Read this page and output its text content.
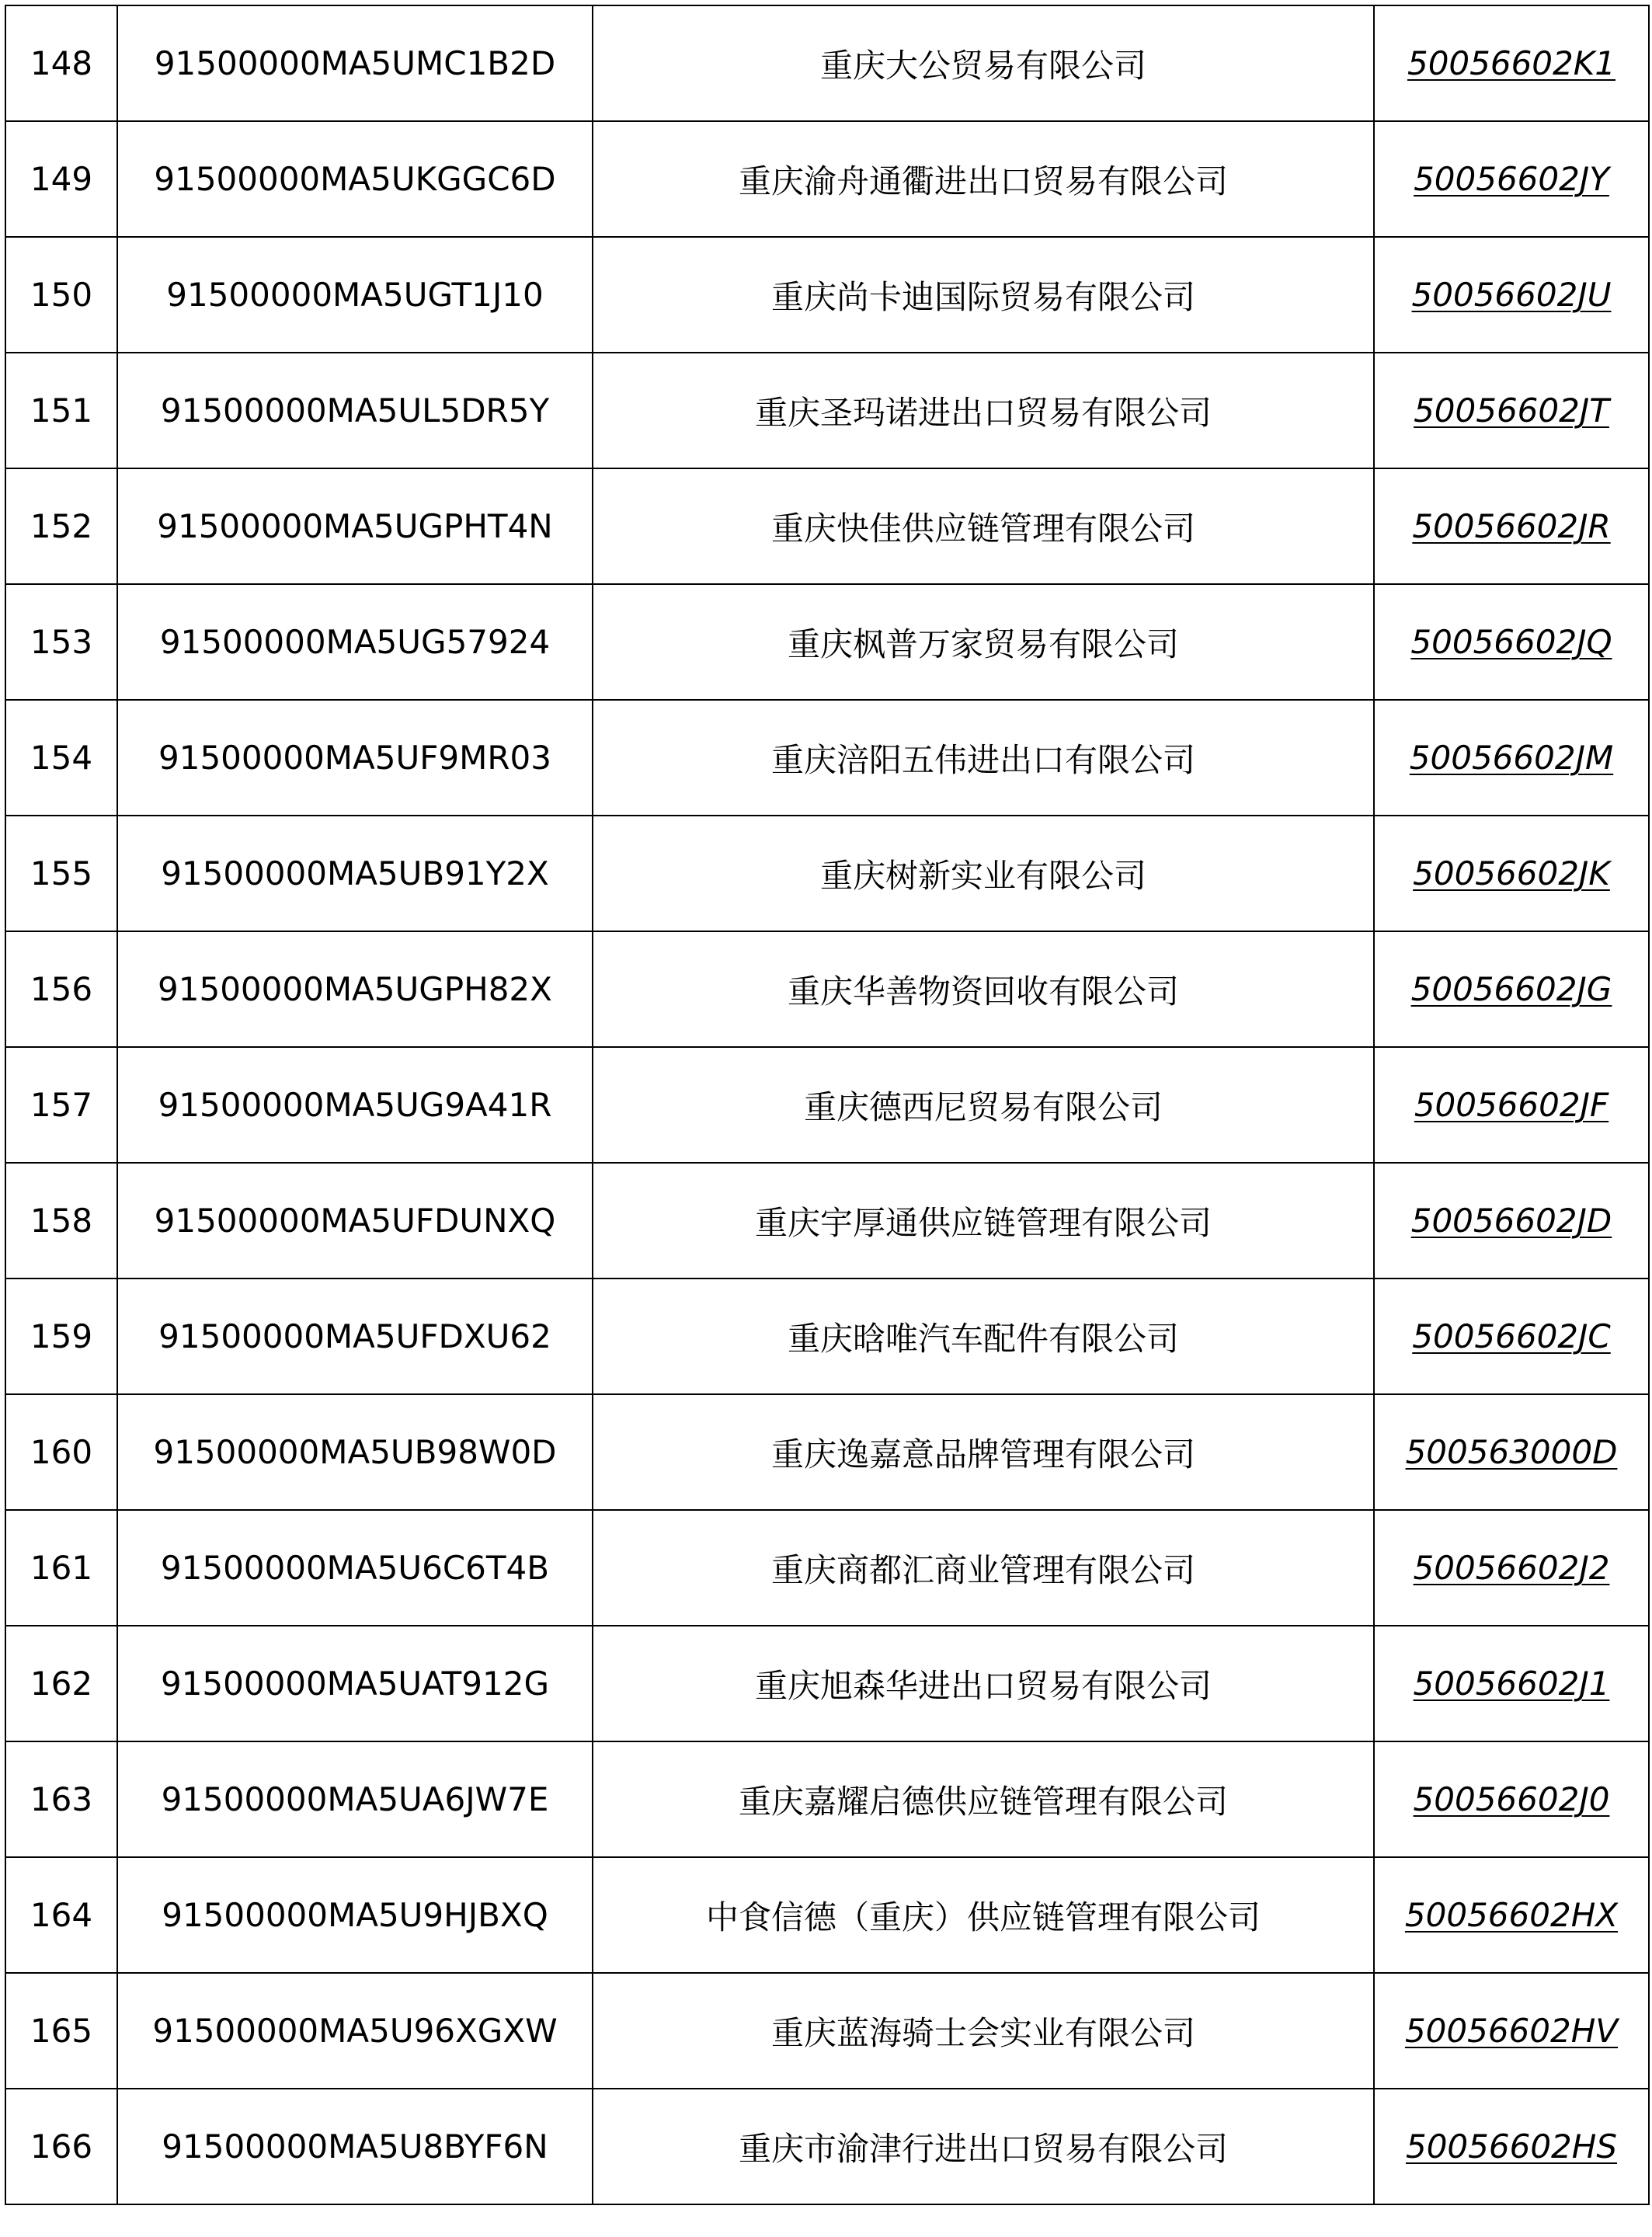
148	91500000MA5UMC1B2D	重庆大公贸易有限公司	50056602K1
149	91500000MA5UKGGC6D	重庆渝舟通衢进出口贸易有限公司	50056602JY
150	91500000MA5UGT1J10	重庆尚卡迪国际贸易有限公司	50056602JU
151	91500000MA5UL5DR5Y	重庆圣玛诺进出口贸易有限公司	50056602JT
152	91500000MA5UGPHT4N	重庆快佳供应链管理有限公司	50056602JR
153	91500000MA5UG57924	重庆枫普万家贸易有限公司	50056602JQ
154	91500000MA5UF9MR03	重庆涪阳五伟进出口有限公司	50056602JM
155	91500000MA5UB91Y2X	重庆树新实业有限公司	50056602JK
156	91500000MA5UGPH82X	重庆华善物资回收有限公司	50056602JG
157	91500000MA5UG9A41R	重庆德西尼贸易有限公司	50056602JF
158	91500000MA5UFDUNXQ	重庆宇厚通供应链管理有限公司	50056602JD
159	91500000MA5UFDXU62	重庆晗唯汽车配件有限公司	50056602JC
160	91500000MA5UB98W0D	重庆逸嘉意品牌管理有限公司	500563000D
161	91500000MA5U6C6T4B	重庆商都汇商业管理有限公司	50056602J2
162	91500000MA5UAT912G	重庆旭森华进出口贸易有限公司	50056602J1
163	91500000MA5UA6JW7E	重庆嘉耀启德供应链管理有限公司	50056602J0
164	91500000MA5U9HJBXQ	中食信德（重庆）供应链管理有限公司	50056602HX
165	91500000MA5U96XGXW	重庆蓝海骑士会实业有限公司	50056602HV
166	91500000MA5U8BYF6N	重庆市渝津行进出口贸易有限公司	50056602HS
